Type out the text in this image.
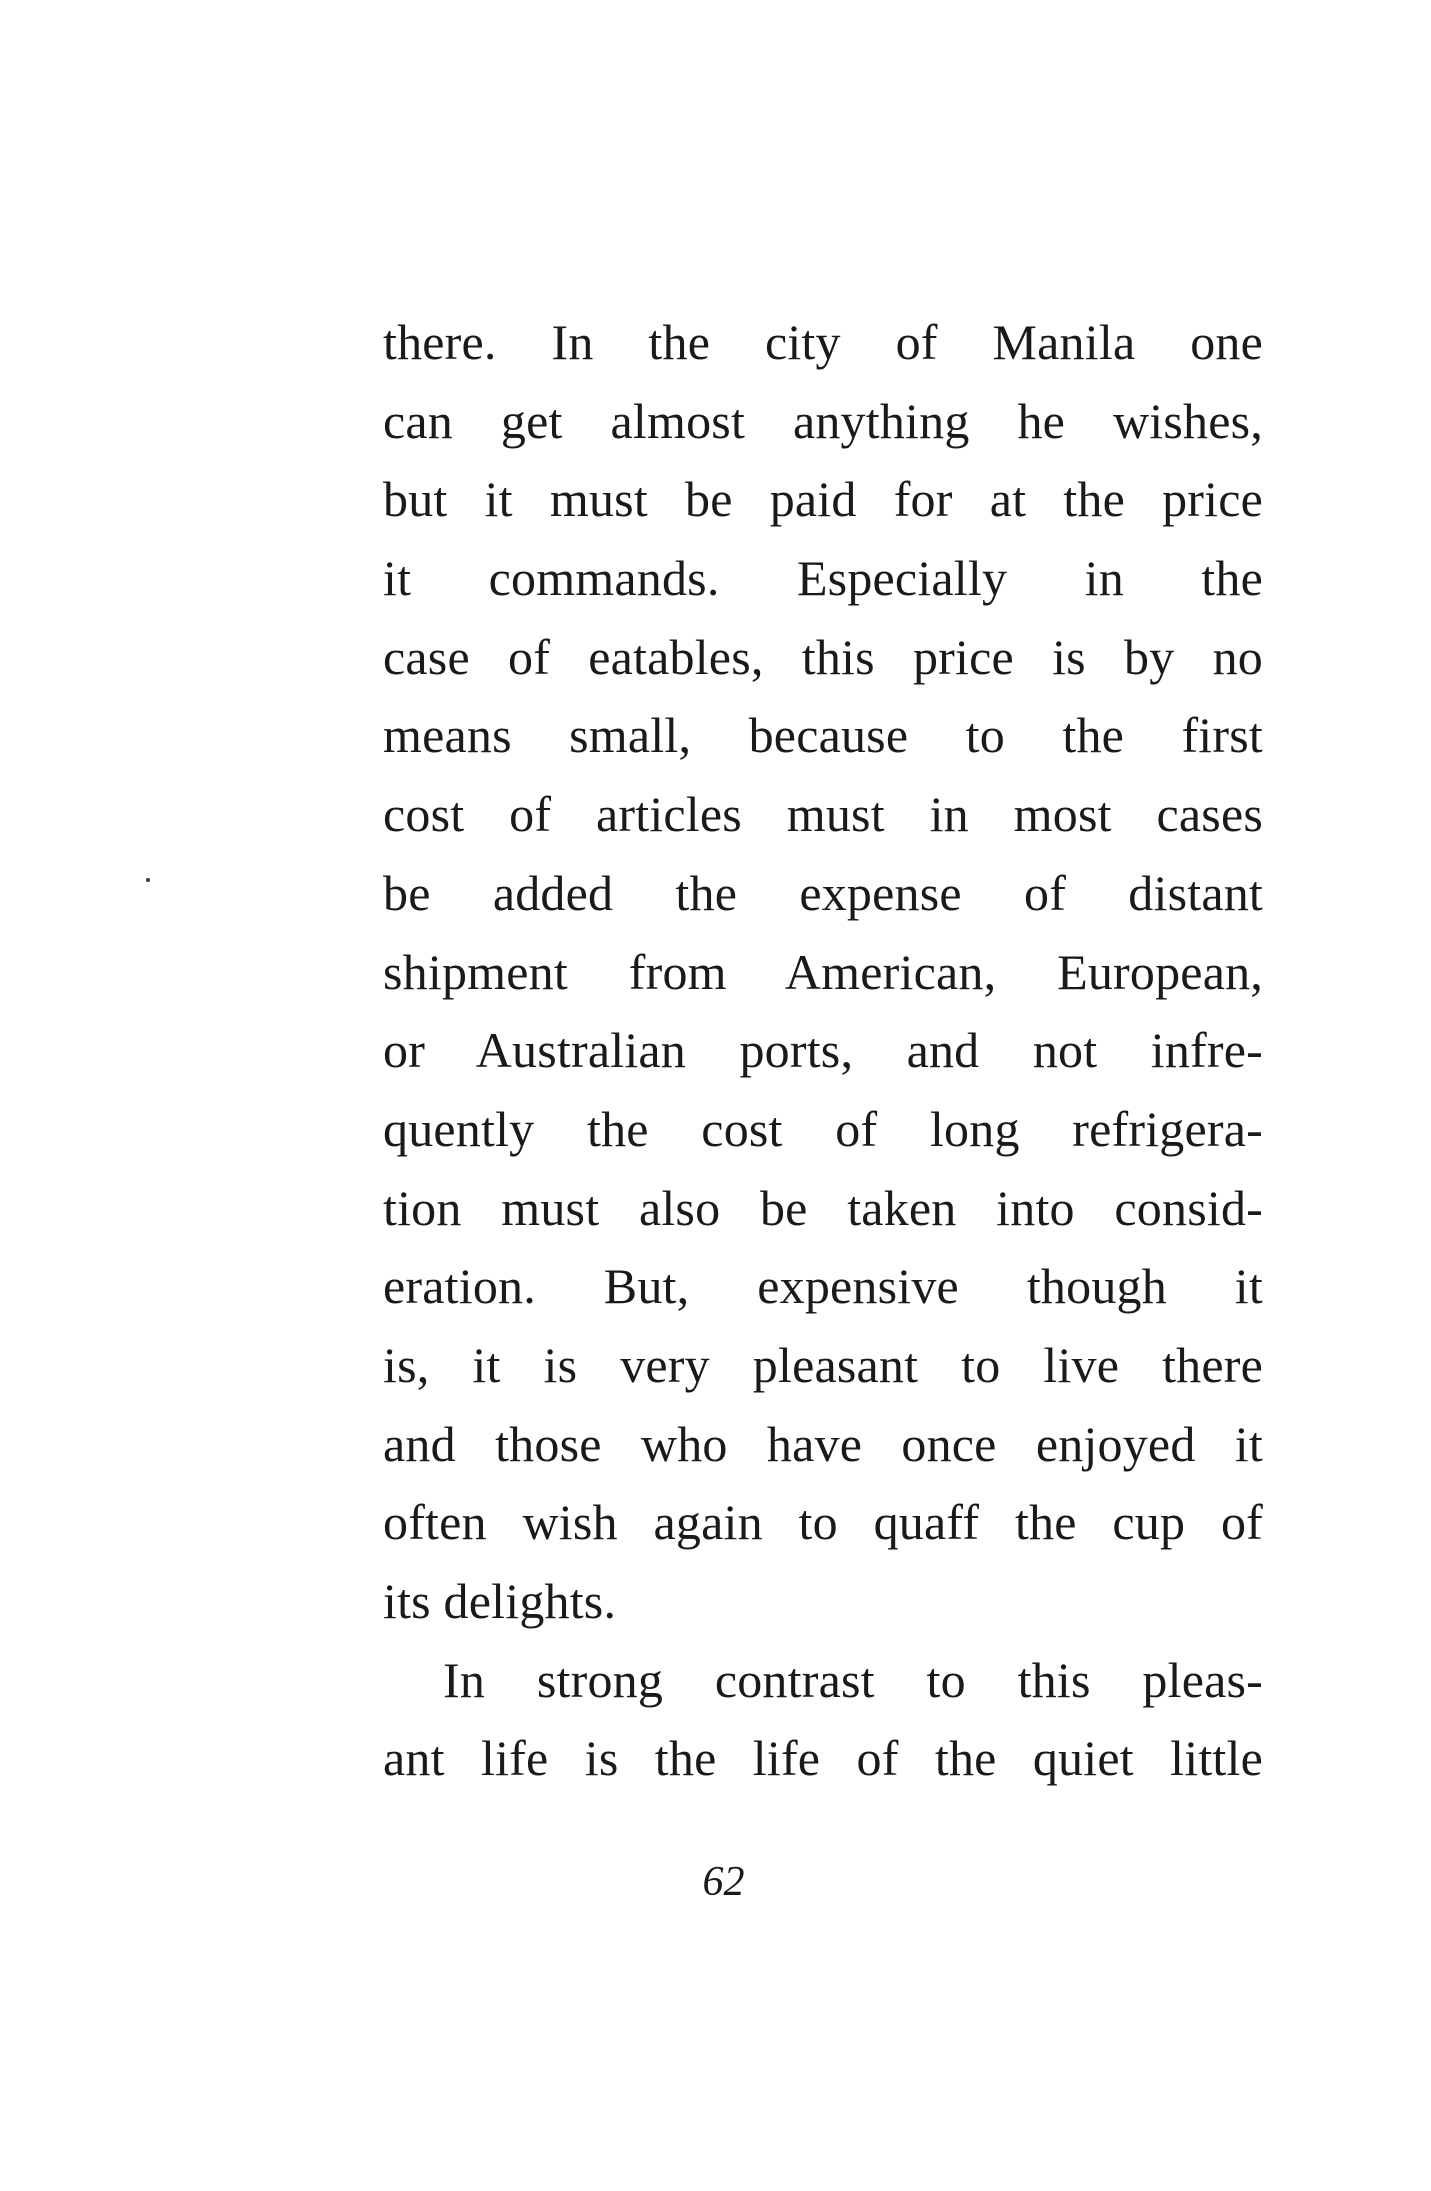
there. In the city of Manila one
can get almost anything he wishes,
but it must be paid for at the price
it commands. Especially in the
case of eatables, this price is by no
means small, because to the first
cost of articles must in most cases
be added the expense of distant
shipment from American, European,
or Australian ports, and not infre-
quently the cost of long refrigera-
tion must also be taken into consid-
eration. But, expensive though it
is, it is very pleasant to live there
and those who have once enjoyed it
often wish again to quaff the cup of
its delights.
In strong contrast to this pleas-
ant life is the life of the quiet little
62
